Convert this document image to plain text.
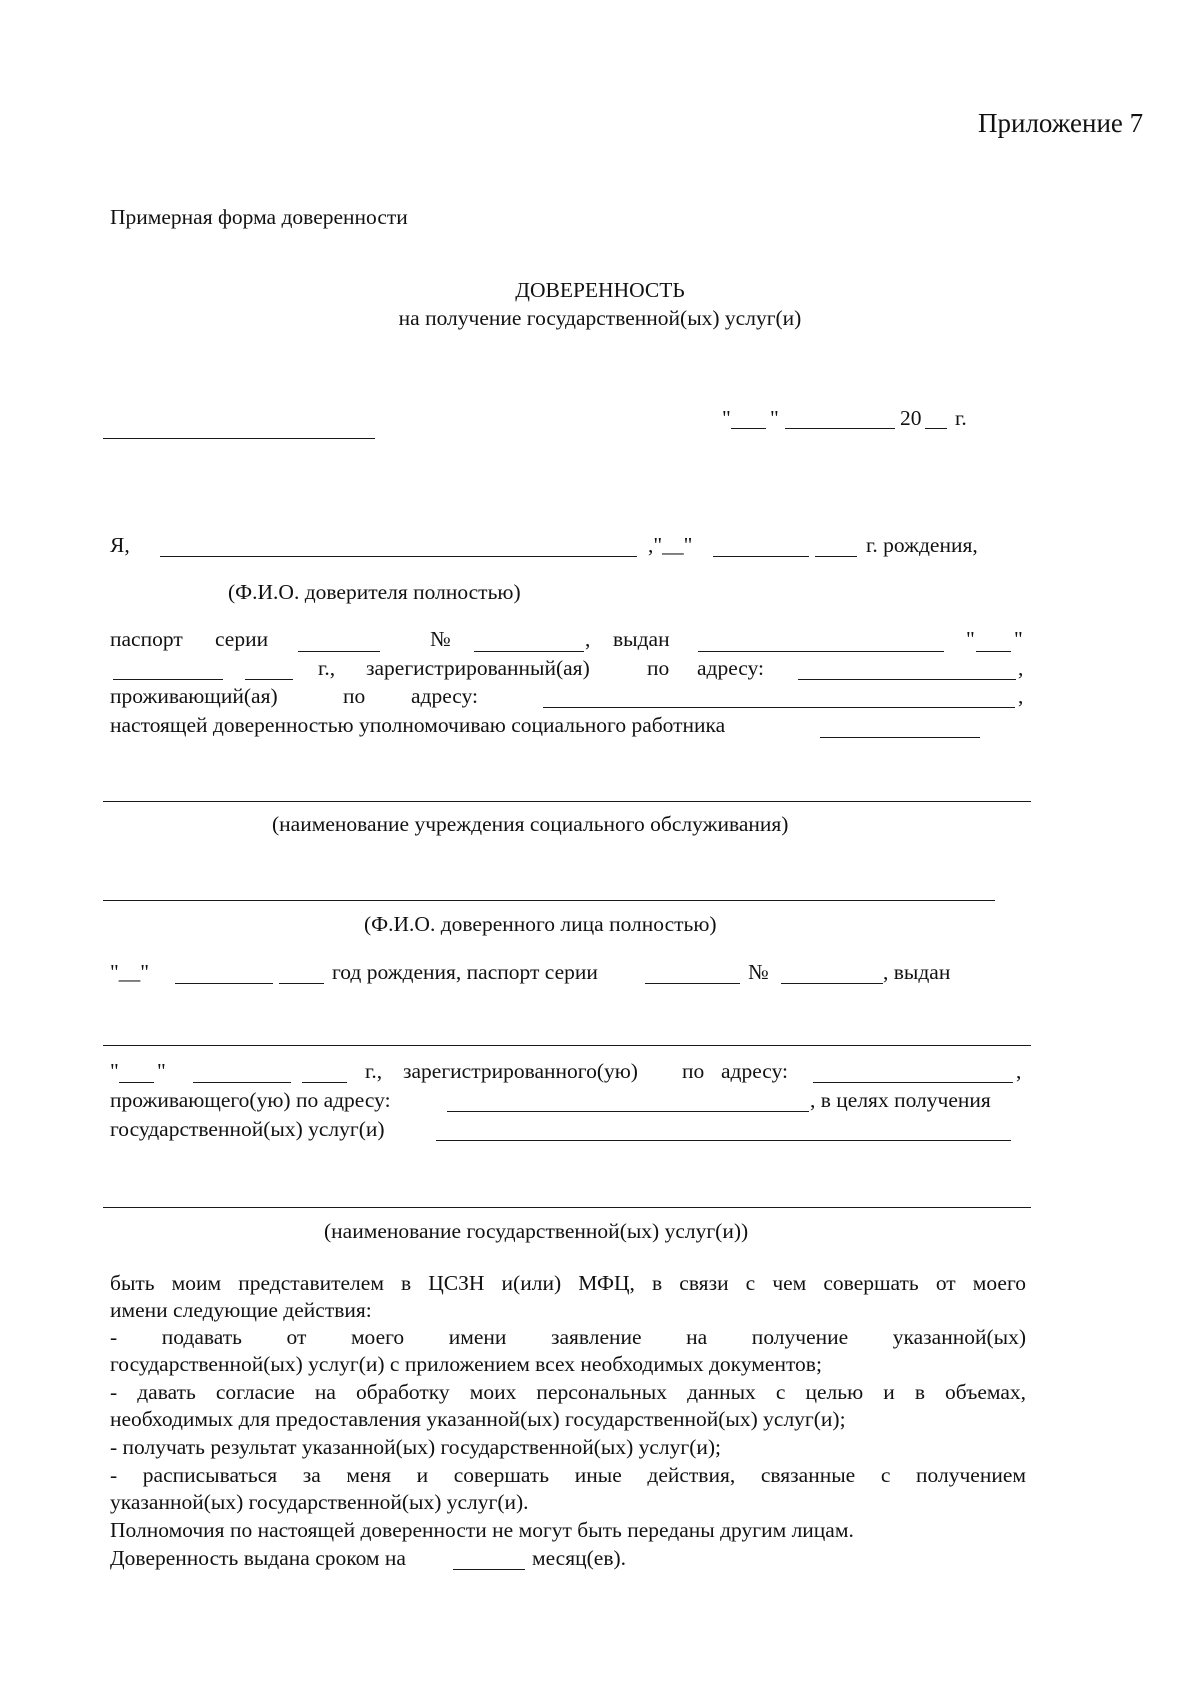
Приложение 7
Примерная форма доверенности
ДОВЕРЕННОСТЬ
на получение государственной(ых) услуг(и)
" "	20 г.
Я,	,"__"	г. рождения,
(Ф.И.О. доверителя полностью)
паспорт серии	№	, выдан	" "
г., зарегистрированный(ая)	по адресу:	,
проживающий(ая)	по адресу:	,
настоящей доверенностью уполномочиваю социального работника
(наименование учреждения социального обслуживания)
(Ф.И.О. доверенного лица полностью)
"__"	год рождения, паспорт серии	№	, выдан
" "	г., зарегистрированного(ую) по адресу:	,
проживающего(ую) по адресу:	, в целях получения
государственной(ых) услуг(и)
(наименование государственной(ых) услуг(и))
быть моим представителем в ЦСЗН и(или) МФЦ, в связи с чем совершать от моего
имени следующие действия:
- подавать от моего имени заявление на получение указанной(ых)
государственной(ых) услуг(и) с приложением всех необходимых документов;
- давать согласие на обработку моих персональных данных с целью и в объемах,
необходимых для предоставления указанной(ых) государственной(ых) услуг(и);
- получать результат указанной(ых) государственной(ых) услуг(и);
- расписываться за меня и совершать иные действия, связанные с получением
указанной(ых) государственной(ых) услуг(и).
Полномочия по настоящей доверенности не могут быть переданы другим лицам.
Доверенность выдана сроком на	месяц(ев).
